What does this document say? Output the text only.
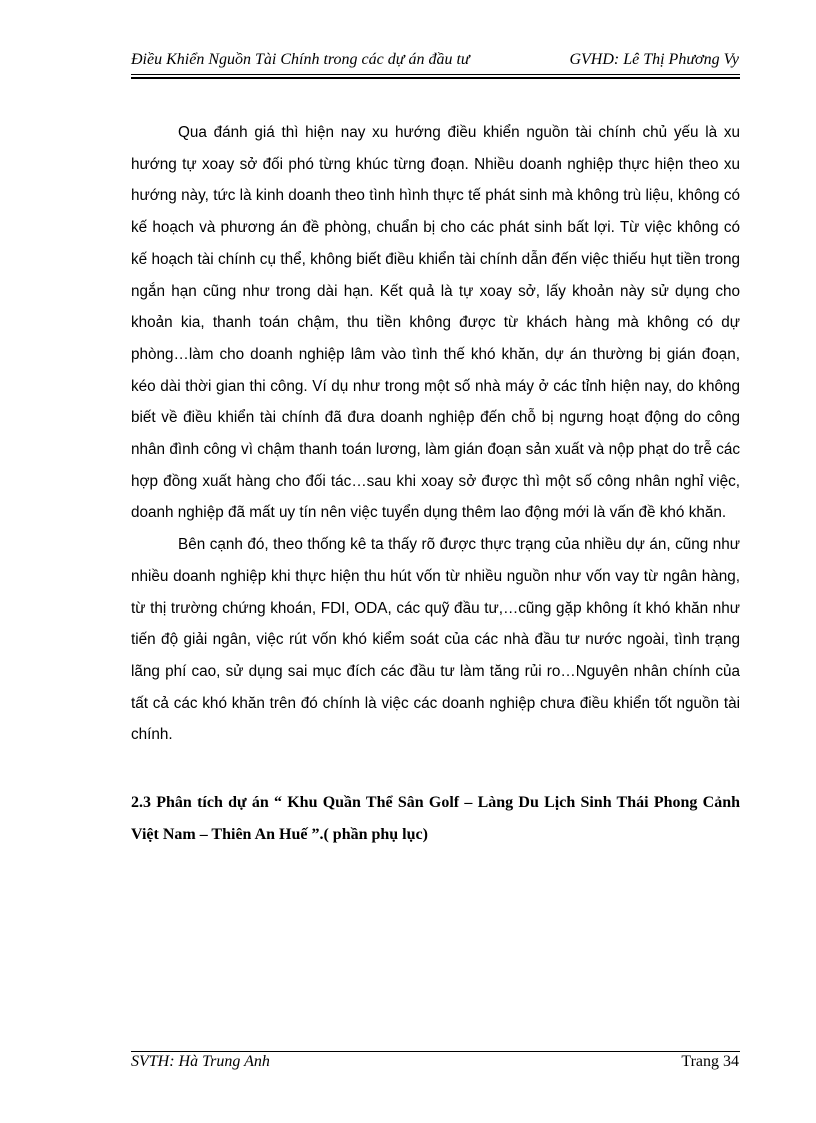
Điều Khiển Nguồn Tài Chính trong các dự án đầu tư	GVHD: Lê Thị Phương Vy

Qua đánh giá thì hiện nay xu hướng điều khiển nguồn tài chính chủ yếu là xu hướng tự xoay sở đối phó từng khúc từng đoạn. Nhiều doanh nghiệp thực hiện theo xu hướng này, tức là kinh doanh theo tình hình thực tế phát sinh mà không trù liệu, không có kế hoạch và phương án đề phòng, chuẩn bị cho các phát sinh bất lợi. Từ việc không có kế hoạch tài chính cụ thể, không biết điều khiển tài chính dẫn đến việc thiếu hụt tiền trong ngắn hạn cũng như trong dài hạn. Kết quả là tự xoay sở, lấy khoản này sử dụng cho khoản kia, thanh toán chậm, thu tiền không được từ khách hàng mà không có dự phòng…làm cho doanh nghiệp lâm vào tình thế khó khăn, dự án thường bị gián đoạn, kéo dài thời gian thi công. Ví dụ như trong một số nhà máy ở các tỉnh hiện nay, do không biết về điều khiển tài chính đã đưa doanh nghiệp đến chỗ bị ngưng hoạt động do công nhân đình công vì chậm thanh toán lương, làm gián đoạn sản xuất và nộp phạt do trễ các hợp đồng xuất hàng cho đối tác…sau khi xoay sở được thì một số công nhân nghỉ việc, doanh nghiệp đã mất uy tín nên việc tuyển dụng thêm lao động mới là vấn đề khó khăn.

Bên cạnh đó, theo thống kê ta thấy rõ được thực trạng của nhiều dự án, cũng như nhiều doanh nghiệp khi thực hiện thu hút vốn từ nhiều nguồn như vốn vay từ ngân hàng, từ thị trường chứng khoán, FDI, ODA, các quỹ đầu tư,…cũng gặp không ít khó khăn như tiến độ giải ngân, việc rút vốn khó kiểm soát của các nhà đầu tư nước ngoài, tình trạng lãng phí cao, sử dụng sai mục đích các đầu tư làm tăng rủi ro…Nguyên nhân chính của tất cả các khó khăn trên đó chính là việc các doanh nghiệp chưa điều khiển tốt nguồn tài chính.

2.3 Phân tích dự án “ Khu Quần Thể Sân Golf – Làng Du Lịch Sinh Thái Phong Cảnh Việt Nam – Thiên An Huế ”.( phần phụ lục)

SVTH: Hà Trung Anh	Trang 34
